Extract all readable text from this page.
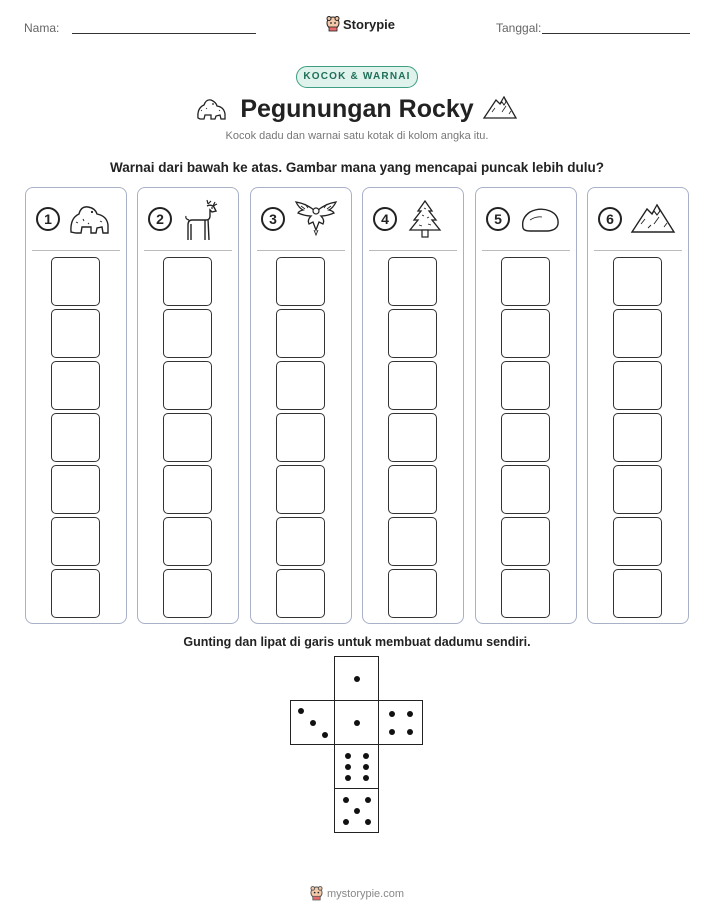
Nama:	Storypie	Tanggal:
KOCOK & WARNAI
Pegunungan Rocky
Kocok dadu dan warnai satu kotak di kolom angka itu.
Warnai dari bawah ke atas. Gambar mana yang mencapai puncak lebih dulu?
1	2	3	4	5	6
Gunting dan lipat di garis untuk membuat dadumu sendiri.
mystorypie.com
